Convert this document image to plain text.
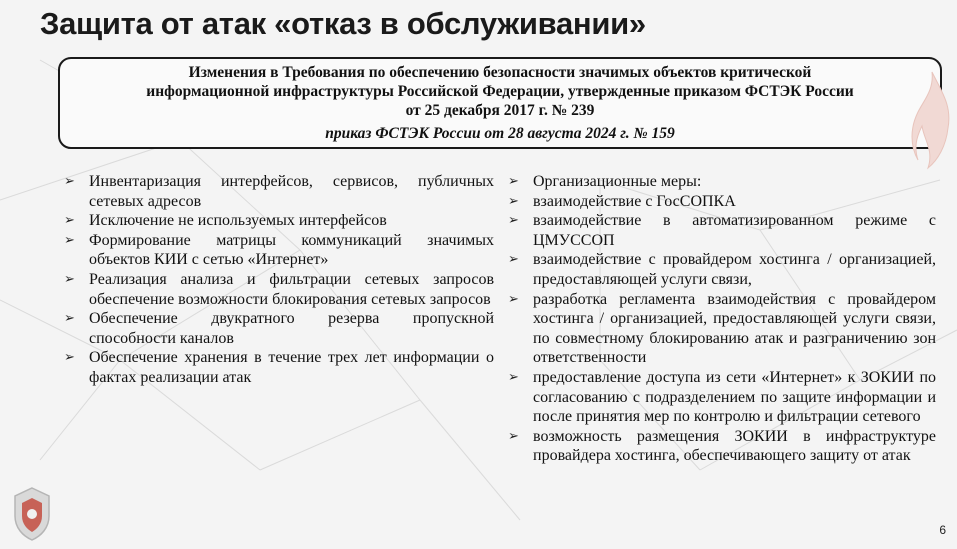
Защита от атак «отказ в обслуживании»
Изменения в Требования по обеспечению безопасности значимых объектов критической
информационной инфраструктуры Российской Федерации, утвержденные приказом ФСТЭК России
от 25 декабря 2017 г. № 239
приказ ФСТЭК России от 28 августа 2024 г. № 159
➢ Инвентаризация интерфейсов, сервисов, публичных сетевых адресов
➢ Исключение не используемых интерфейсов
➢ Формирование матрицы коммуникаций значимых объектов КИИ с сетью «Интернет»
➢ Реализация анализа и фильтрации сетевых запросов обеспечение возможности блокирования сетевых запросов
➢ Обеспечение двукратного резерва пропускной способности каналов
➢ Обеспечение хранения в течение трех лет информации о фактах реализации атак
➢ Организационные меры:
➢ взаимодействие с ГосСОПКА
➢ взаимодействие в автоматизированном режиме с ЦМУССОП
➢ взаимодействие с провайдером хостинга / организацией, предоставляющей услуги связи,
➢ разработка регламента взаимодействия с провайдером хостинга / организацией, предоставляющей услуги связи, по совместному блокированию атак и разграничению зон ответственности
➢ предоставление доступа из сети «Интернет» к ЗОКИИ по согласованию с подразделением по защите информации и после принятия мер по контролю и фильтрации сетевого
➢ возможность размещения ЗОКИИ в инфраструктуре провайдера хостинга, обеспечивающего защиту от атак
6
